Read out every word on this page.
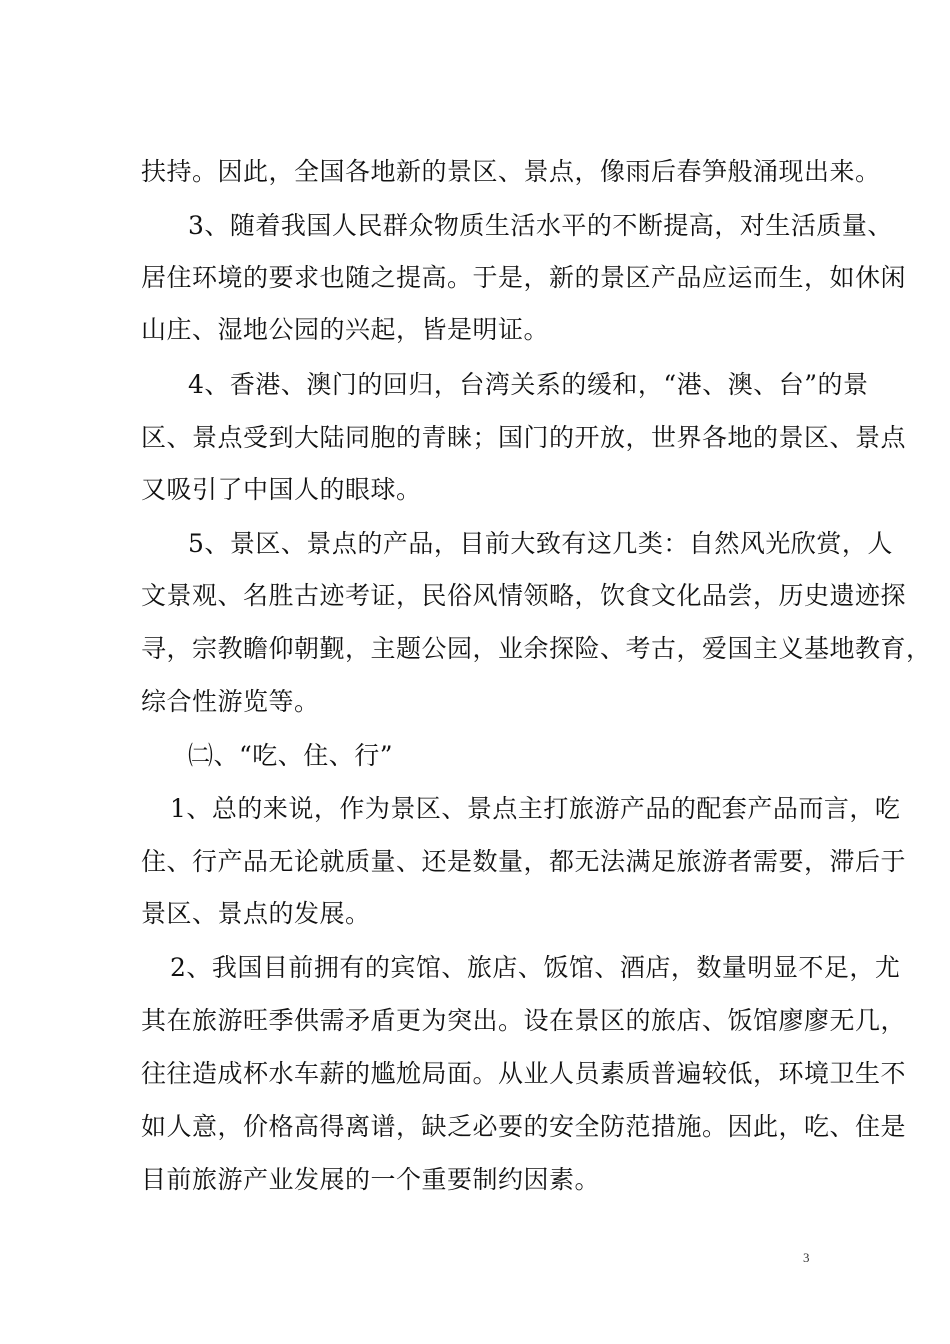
扶持。因此，全国各地新的景区、景点，像雨后春笋般涌现出来。
3、随着我国人民群众物质生活水平的不断提高，对生活质量、
居住环境的要求也随之提高。于是，新的景区产品应运而生，如休闲
山庄、湿地公园的兴起，皆是明证。
4、香港、澳门的回归，台湾关系的缓和，“港、澳、台”的景
区、景点受到大陆同胞的青睐；国门的开放，世界各地的景区、景点
又吸引了中国人的眼球。
5、景区、景点的产品，目前大致有这几类：自然风光欣赏，人
文景观、名胜古迹考证，民俗风情领略，饮食文化品尝，历史遗迹探
寻，宗教瞻仰朝觐，主题公园，业余探险、考古，爱国主义基地教育，
综合性游览等。
㈡、“吃、住、行”
1、总的来说，作为景区、景点主打旅游产品的配套产品而言，吃
住、行产品无论就质量、还是数量，都无法满足旅游者需要，滞后于
景区、景点的发展。
2、我国目前拥有的宾馆、旅店、饭馆、酒店，数量明显不足，尤
其在旅游旺季供需矛盾更为突出。设在景区的旅店、饭馆廖廖无几，
往往造成杯水车薪的尴尬局面。从业人员素质普遍较低，环境卫生不
如人意，价格高得离谱，缺乏必要的安全防范措施。因此，吃、住是
目前旅游产业发展的一个重要制约因素。
3
